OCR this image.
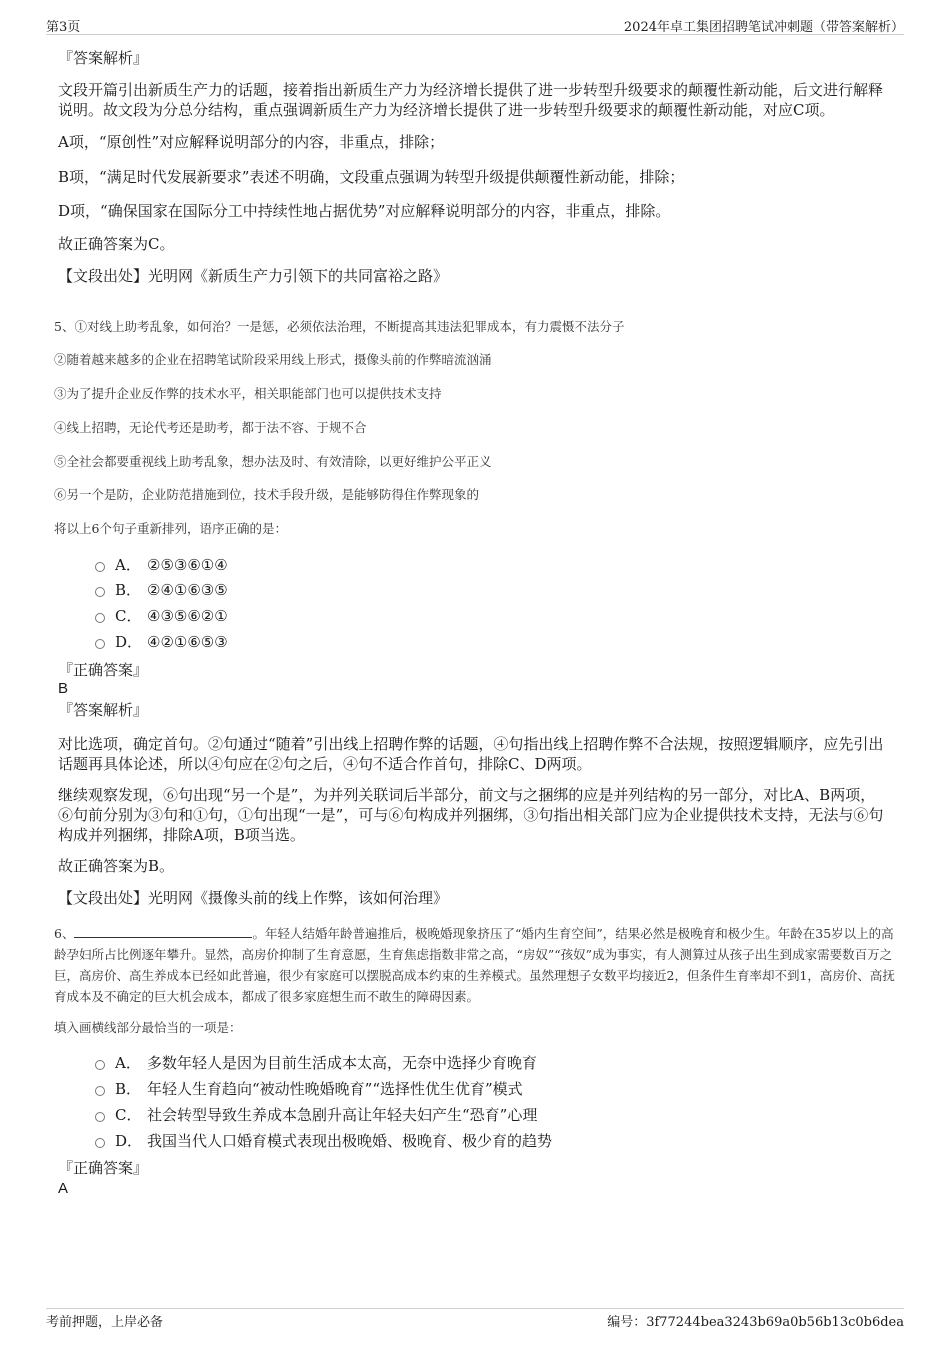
第3页	2024年卓工集团招聘笔试冲刺题（带答案解析）

『答案解析』

文段开篇引出新质生产力的话题，接着指出新质生产力为经济增长提供了进一步转型升级要求的颠覆性新动能，后文进行解释说明。故文段为分总分结构，重点强调新质生产力为经济增长提供了进一步转型升级要求的颠覆性新动能，对应C项。

A项，“原创性”对应解释说明部分的内容，非重点，排除；

B项，“满足时代发展新要求”表述不明确，文段重点强调为转型升级提供颠覆性新动能，排除；

D项，“确保国家在国际分工中持续性地占据优势”对应解释说明部分的内容，非重点，排除。

故正确答案为C。

【文段出处】光明网《新质生产力引领下的共同富裕之路》

5、①对线上助考乱象，如何治？一是惩，必须依法治理，不断提高其违法犯罪成本，有力震慑不法分子

②随着越来越多的企业在招聘笔试阶段采用线上形式，摄像头前的作弊暗流汹涌

③为了提升企业反作弊的技术水平，相关职能部门也可以提供技术支持

④线上招聘，无论代考还是助考，都于法不容、于规不合

⑤全社会都要重视线上助考乱象，想办法及时、有效清除，以更好维护公平正义

⑥另一个是防，企业防范措施到位，技术手段升级，是能够防得住作弊现象的

将以上6个句子重新排列，语序正确的是：

A． ②⑤③⑥①④
B． ②④①⑥③⑤
C． ④③⑤⑥②①
D． ④②①⑥⑤③

『正确答案』

B

『答案解析』

对比选项，确定首句。②句通过“随着”引出线上招聘作弊的话题，④句指出线上招聘作弊不合法规，按照逻辑顺序，应先引出话题再具体论述，所以④句应在②句之后，④句不适合作首句，排除C、D两项。

继续观察发现，⑥句出现“另一个是”，为并列关联词后半部分，前文与之捆绑的应是并列结构的另一部分，对比A、B两项，⑥句前分别为③句和①句，①句出现“一是”，可与⑥句构成并列捆绑，③句指出相关部门应为企业提供技术支持，无法与⑥句构成并列捆绑，排除A项，B项当选。

故正确答案为B。

【文段出处】光明网《摄像头前的线上作弊，该如何治理》

6、	。年轻人结婚年龄普遍推后，极晚婚现象挤压了“婚内生育空间”，结果必然是极晚育和极少生。年龄在35岁以上的高龄孕妇所占比例逐年攀升。显然，高房价抑制了生育意愿，生育焦虑指数非常之高，“房奴”“孩奴”成为事实，有人测算过从孩子出生到成家需要数百万之巨，高房价、高生养成本已经如此普遍，很少有家庭可以摆脱高成本约束的生养模式。虽然理想子女数平均接近2，但条件生育率却不到1，高房价、高抚育成本及不确定的巨大机会成本，都成了很多家庭想生而不敢生的障碍因素。

填入画横线部分最恰当的一项是：

A． 多数年轻人是因为目前生活成本太高，无奈中选择少育晚育
B． 年轻人生育趋向“被动性晚婚晚育”“选择性优生优育”模式
C． 社会转型导致生养成本急剧升高让年轻夫妇产生“恐育”心理
D． 我国当代人口婚育模式表现出极晚婚、极晚育、极少育的趋势

『正确答案』

A

考前押题，上岸必备	编号：3f77244bea3243b69a0b56b13c0b6dea
